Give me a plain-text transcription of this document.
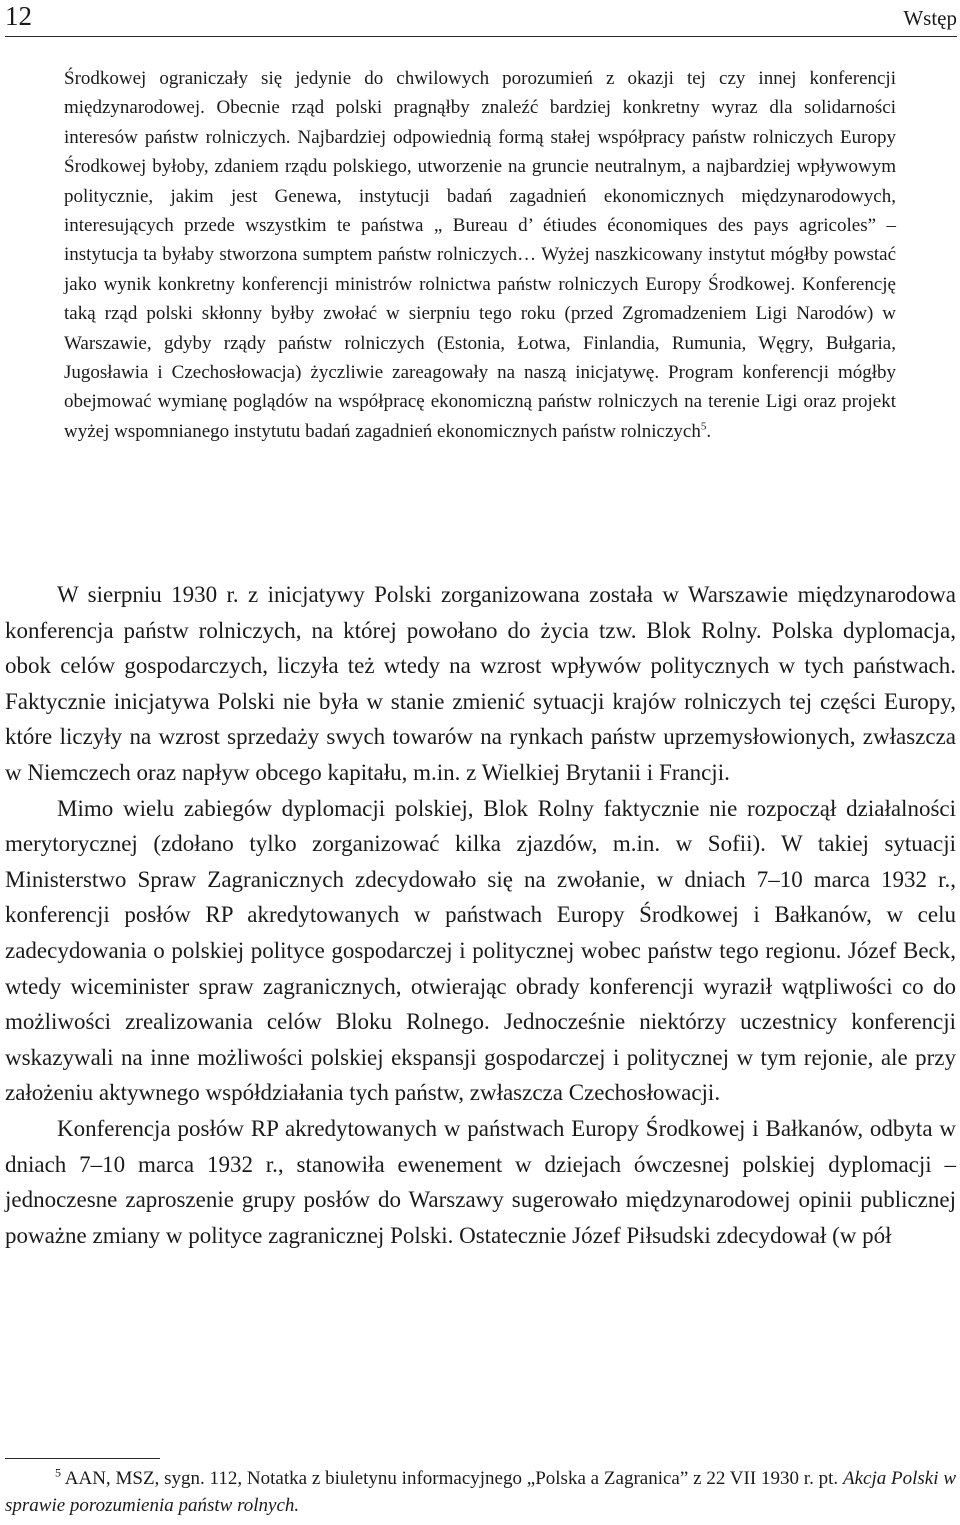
12	Wstęp

Środkowej ograniczały się jedynie do chwilowych porozumień z okazji tej czy innej konferencji międzynarodowej. Obecnie rząd polski pragnąłby znaleźć bardziej konkretny wyraz dla solidarności interesów państw rolniczych. Najbardziej odpowiednią formą stałej współpracy państw rolniczych Europy Środkowej byłoby, zdaniem rządu polskiego, utworzenie na gruncie neutralnym, a najbardziej wpływowym politycznie, jakim jest Genewa, instytucji badań zagadnień ekonomicznych międzynarodowych, interesujących przede wszystkim te państwa „ Bureau d’ étiudes économiques des pays agricoles” – instytucja ta byłaby stworzona sumptem państw rolniczych… Wyżej naszkicowany instytut mógłby powstać jako wynik konkretny konferencji ministrów rolnictwa państw rolniczych Europy Środkowej. Konferencję taką rząd polski skłonny byłby zwołać w sierpniu tego roku (przed Zgromadzeniem Ligi Narodów) w Warszawie, gdyby rządy państw rolniczych (Estonia, Łotwa, Finlandia, Rumunia, Węgry, Bułgaria, Jugosławia i Czechosłowacja) życzliwie zareagowały na naszą inicjatywę. Program konferencji mógłby obejmować wymianę poglądów na współpracę ekonomiczną państw rolniczych na terenie Ligi oraz projekt wyżej wspomnianego instytutu badań zagadnień ekonomicznych państw rolniczych$^5$.

W sierpniu 1930 r. z inicjatywy Polski zorganizowana została w Warszawie międzynarodowa konferencja państw rolniczych, na której powołano do życia tzw. Blok Rolny. Polska dyplomacja, obok celów gospodarczych, liczyła też wtedy na wzrost wpływów politycznych w tych państwach. Faktycznie inicjatywa Polski nie była w stanie zmienić sytuacji krajów rolniczych tej części Europy, które liczyły na wzrost sprzedaży swych towarów na rynkach państw uprzemysłowionych, zwłaszcza w Niemczech oraz napływ obcego kapitału, m.in. z Wielkiej Brytanii i Francji.

Mimo wielu zabiegów dyplomacji polskiej, Blok Rolny faktycznie nie rozpoczął działalności merytorycznej (zdołano tylko zorganizować kilka zjazdów, m.in. w Sofii). W takiej sytuacji Ministerstwo Spraw Zagranicznych zdecydowało się na zwołanie, w dniach 7–10 marca 1932 r., konferencji posłów RP akredytowanych w państwach Europy Środkowej i Bałkanów, w celu zadecydowania o polskiej polityce gospodarczej i politycznej wobec państw tego regionu. Józef Beck, wtedy wiceminister spraw zagranicznych, otwierając obrady konferencji wyraził wątpliwości co do możliwości zrealizowania celów Bloku Rolnego. Jednocześnie niektórzy uczestnicy konferencji wskazywali na inne możliwości polskiej ekspansji gospodarczej i politycznej w tym rejonie, ale przy założeniu aktywnego współdziałania tych państw, zwłaszcza Czechosłowacji.

Konferencja posłów RP akredytowanych w państwach Europy Środkowej i Bałkanów, odbyta w dniach 7–10 marca 1932 r., stanowiła ewenement w dziejach ówczesnej polskiej dyplomacji – jednoczesne zaproszenie grupy posłów do Warszawy sugerowało międzynarodowej opinii publicznej poważne zmiany w polityce zagranicznej Polski. Ostatecznie Józef Piłsudski zdecydował (w pół

$^5$ AAN, MSZ, sygn. 112, Notatka z biuletynu informacyjnego „Polska a Zagranica” z 22 VII 1930 r. pt. Akcja Polski w sprawie porozumienia państw rolnych.
